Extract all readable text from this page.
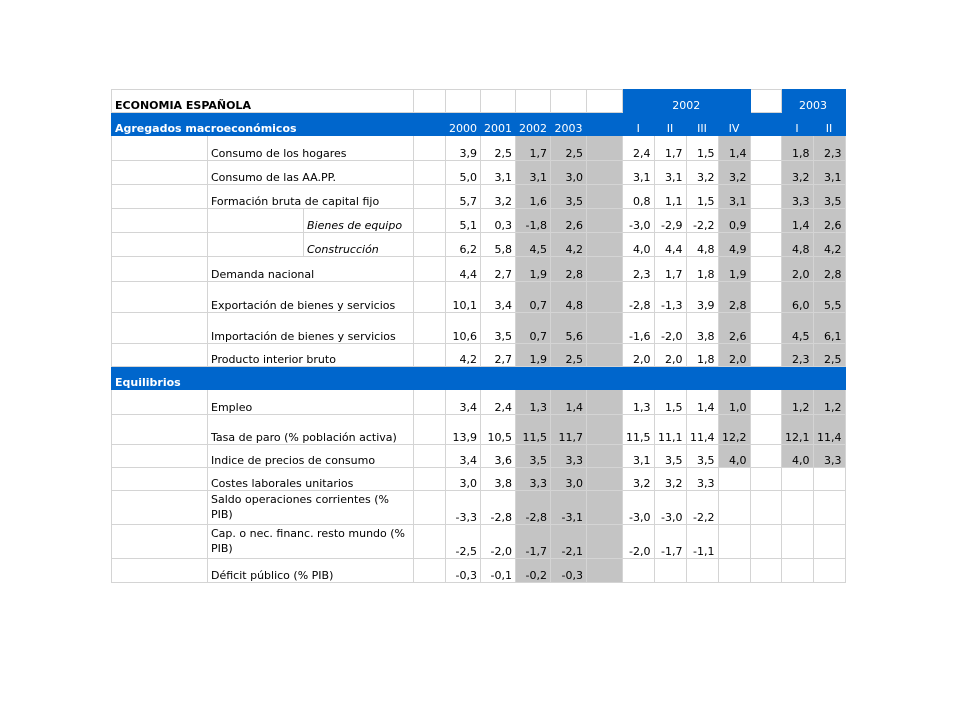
ECONOMIA ESPAÑOLA									2002					2003	
Agregados macroeconómicos				2000	2001	2002	2003		I	II	III	IV		I	II
	Consumo de los hogares			3,9	2,5	1,7	2,5		2,4	1,7	1,5	1,4		1,8	2,3
	Consumo de las AA.PP.			5,0	3,1	3,1	3,0		3,1	3,1	3,2	3,2		3,2	3,1
	Formación bruta de capital fijo			5,7	3,2	1,6	3,5		0,8	1,1	1,5	3,1		3,3	3,5
		Bienes de equipo		5,1	0,3	-1,8	2,6		-3,0	-2,9	-2,2	0,9		1,4	2,6
		Construcción		6,2	5,8	4,5	4,2		4,0	4,4	4,8	4,9		4,8	4,2
	Demanda nacional			4,4	2,7	1,9	2,8		2,3	1,7	1,8	1,9		2,0	2,8
	Exportación de bienes y servicios			10,1	3,4	0,7	4,8		-2,8	-1,3	3,9	2,8		6,0	5,5
	Importación de bienes y servicios			10,6	3,5	0,7	5,6		-1,6	-2,0	3,8	2,6		4,5	6,1
	Producto interior bruto			4,2	2,7	1,9	2,5		2,0	2,0	1,8	2,0		2,3	2,5
Equilibrios															
	Empleo			3,4	2,4	1,3	1,4		1,3	1,5	1,4	1,0		1,2	1,2
	Tasa de paro (% población activa)			13,9	10,5	11,5	11,7		11,5	11,1	11,4	12,2		12,1	11,4
	Indice de precios de consumo			3,4	3,6	3,5	3,3		3,1	3,5	3,5	4,0		4,0	3,3
	Costes laborales unitarios			3,0	3,8	3,3	3,0		3,2	3,2	3,3				
	Saldo operaciones corrientes (% PIB)			-3,3	-2,8	-2,8	-3,1		-3,0	-3,0	-2,2				
	Cap. o nec. financ. resto mundo (% PIB)			-2,5	-2,0	-1,7	-2,1		-2,0	-1,7	-1,1				
	Déficit público (% PIB)			-0,3	-0,1	-0,2	-0,3								
